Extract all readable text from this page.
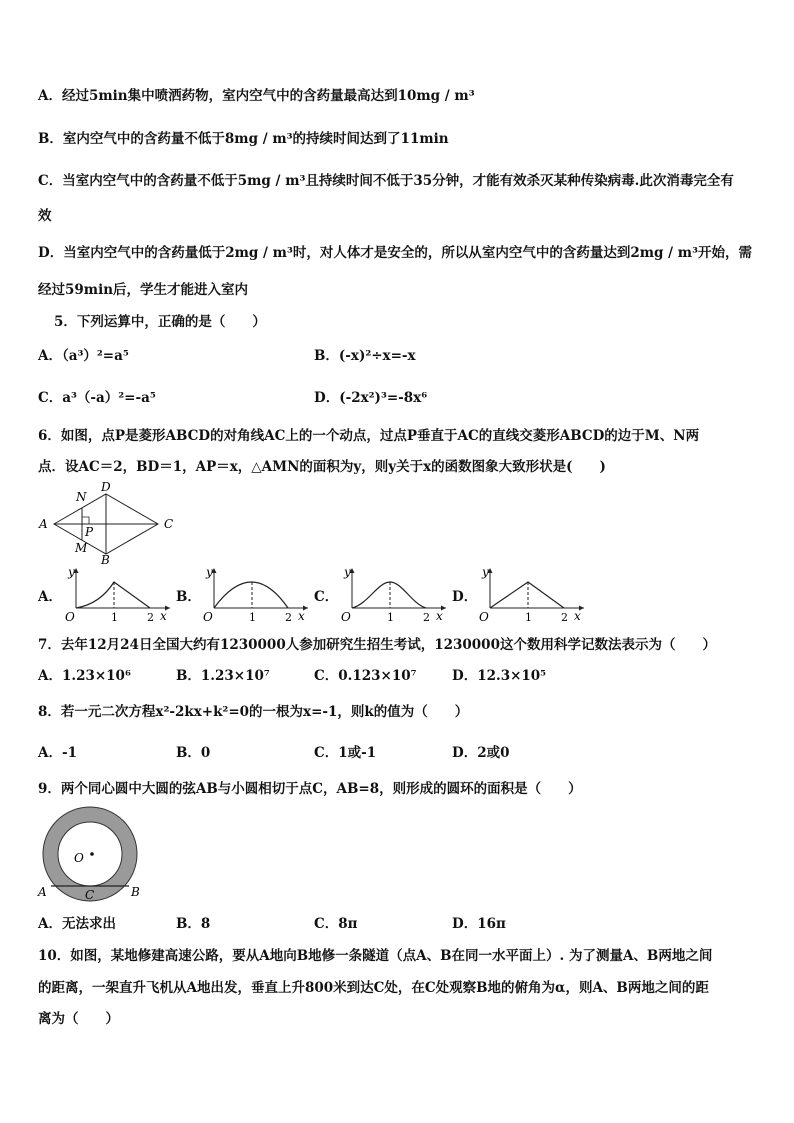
A．经过5min集中喷洒药物，室内空气中的含药量最高达到10mg / m³
B．室内空气中的含药量不低于8mg / m³的持续时间达到了11min
C．当室内空气中的含药量不低于5mg / m³且持续时间不低于35分钟，才能有效杀灭某种传染病毒.此次消毒完全有
效
D．当室内空气中的含药量低于2mg / m³时，对人体才是安全的，所以从室内空气中的含药量达到2mg / m³开始，需
经过59min后，学生才能进入室内
5．下列运算中，正确的是（　　）
A．（a³）²=a⁵	B．(-x)²÷x=-x
C．a³（-a）²=-a⁵	D．(-2x²)³=-8x⁶
6．如图，点P是菱形ABCD的对角线AC上的一个动点，过点P垂直于AC的直线交菱形ABCD的边于M、N两
点．设AC＝2，BD＝1，AP＝x，△AMN的面积为y，则y关于x的函数图象大致形状是(　　)
N
D
A
P
C
M
B
A．	B．	C．	D．
y
x
O	1	2
y
x
O	1	2
y
x
O	1	2
y
x
O	1	2
7．去年12月24日全国大约有1230000人参加研究生招生考试，1230000这个数用科学记数法表示为（　　）
A．1.23×10⁶	B．1.23×10⁷	C．0.123×10⁷	D．12.3×10⁵
8．若一元二次方程x²-2kx+k²=0的一根为x=-1，则k的值为（　　）
A．-1	B．0	C．1或-1	D．2或0
9．两个同心圆中大圆的弦AB与小圆相切于点C，AB=8，则形成的圆环的面积是（　　）
O
A	C	B
A．无法求出	B．8	C．8π	D．16π
10．如图，某地修建高速公路，要从A地向B地修一条隧道（点A、B在同一水平面上）. 为了测量A、B两地之间
的距离，一架直升飞机从A地出发，垂直上升800米到达C处，在C处观察B地的俯角为α，则A、B两地之间的距
离为（　　）
